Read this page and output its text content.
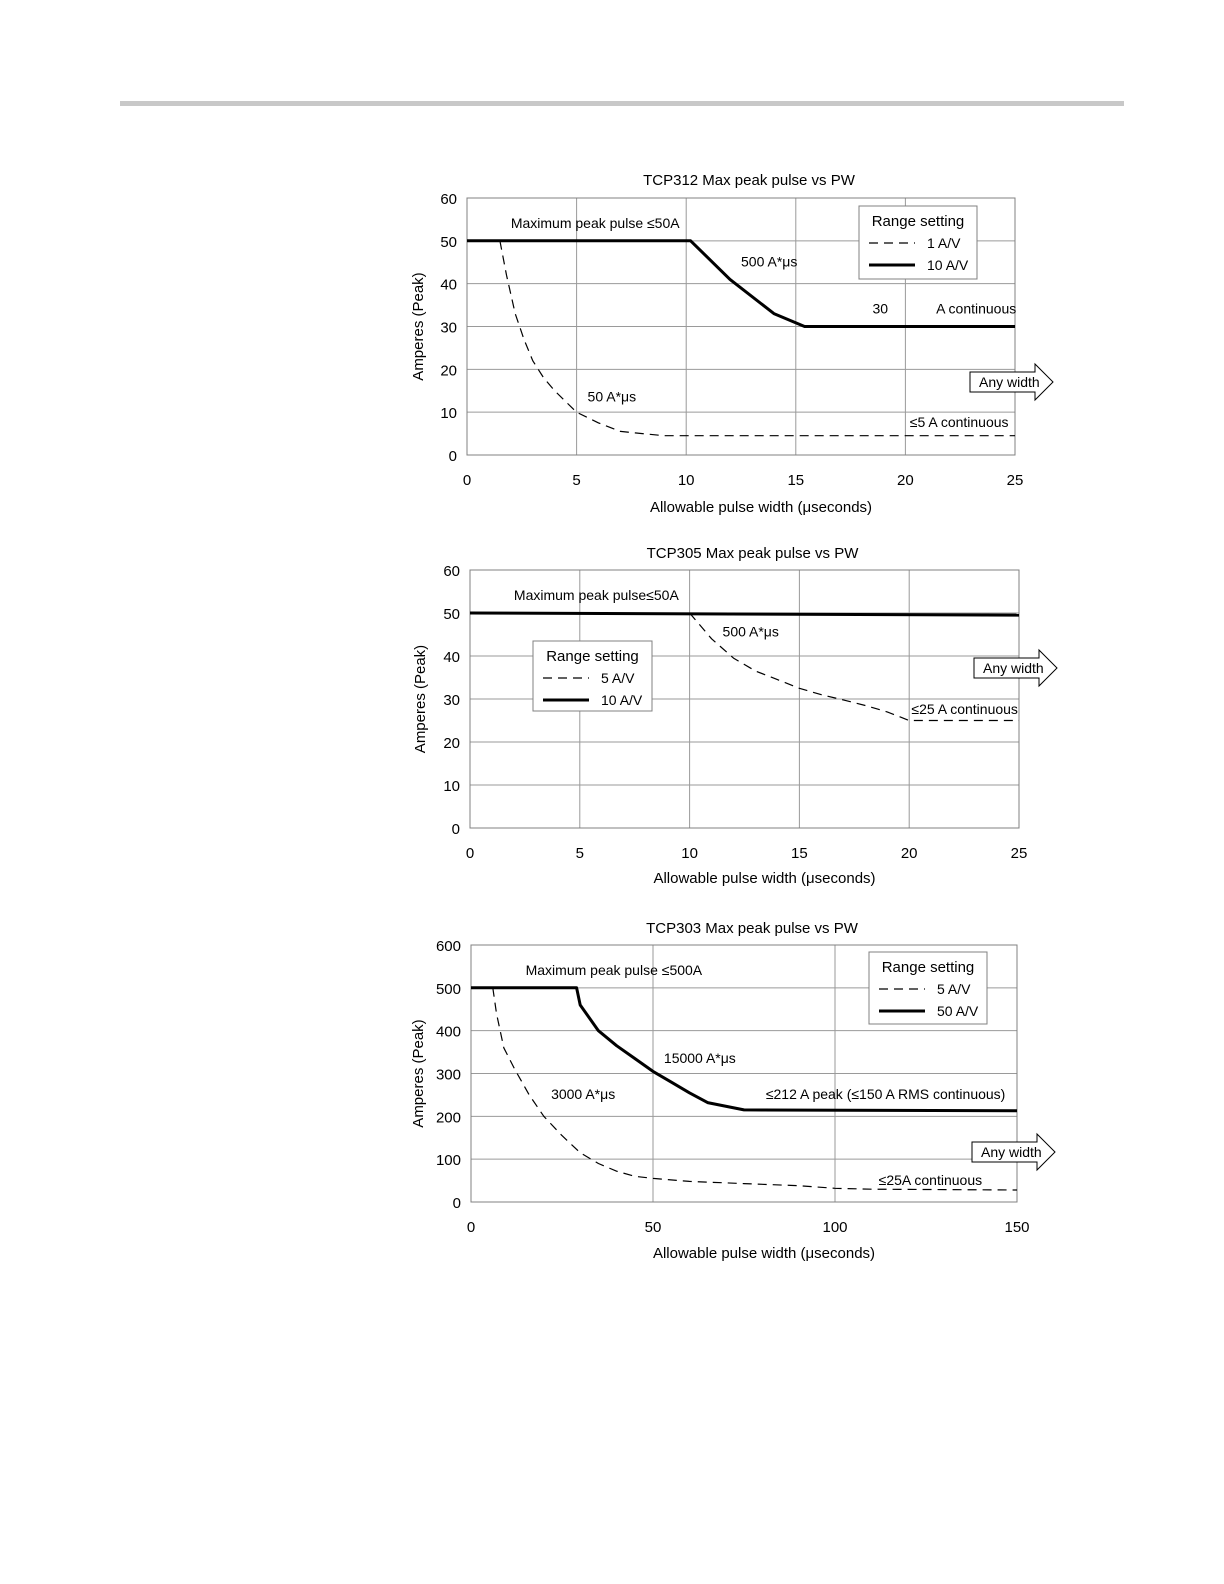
0
10
20
30
40
50
60
0	5	10	15	20	25
TCP312 Max peak pulse vs PW
Allowable pulse width (μseconds)
Amperes (Peak)
Maximum peak pulse ≤50A
500 A*μs
30	A continuous
50 A*μs
≤5 A continuous
Range setting
1 A/V
10 A/V
Any width
0
10
20
30
40
50
60
0	5	10	15	20	25
TCP305 Max peak pulse vs PW
Allowable pulse width (μseconds)
Amperes (Peak)
Maximum peak pulse≤50A
500 A*μs
≤25 A continuous
Range setting
5 A/V
10 A/V
Any width
0
100
200
300
400
500
600
0	50	100	150
TCP303 Max peak pulse vs PW
Allowable pulse width (μseconds)
Amperes (Peak)
Maximum peak pulse ≤500A
15000 A*μs
≤212 A peak (≤150 A RMS continuous)
3000 A*μs
≤25A continuous
Range setting
5 A/V
50 A/V
Any width
